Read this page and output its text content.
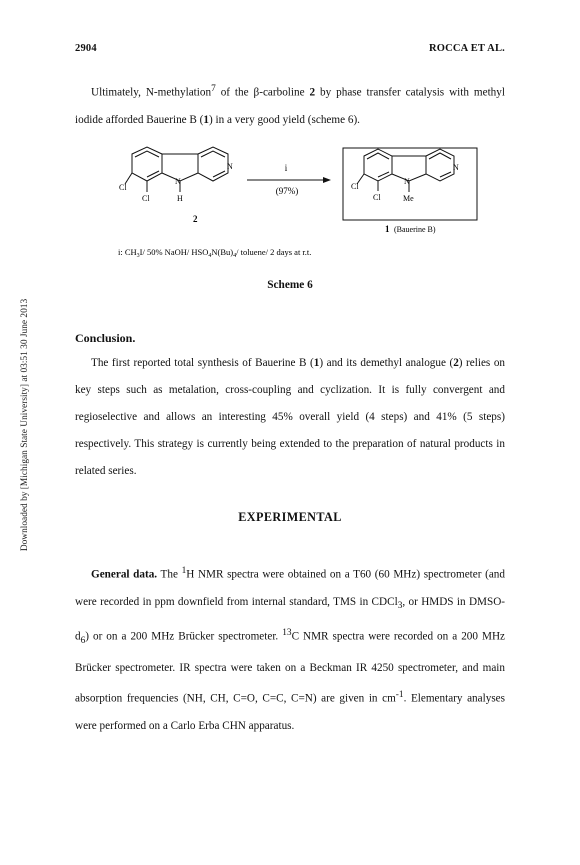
Downloaded by [Michigan State University] at 03:51 30 June 2013
2904	ROCCA ET AL.

Ultimately, N-methylation$^7$ of the β-carboline 2 by phase transfer catalysis with methyl iodide afforded Bauerine B (1) in a very good yield (scheme 6).

Cl
Cl
N
N
H
2
i
(97%)	Cl
Cl
N
N
Me
1 (Bauerine B)
i: $CH_3I/$ 50% NaOH/ $HSO_4N(Bu)_4/$ toluene/ 2 days at r.t.
Scheme 6
Conclusion.

The first reported total synthesis of Bauerine B (1) and its demethyl analogue (2) relies on key steps such as metalation, cross-coupling and cyclization. It is fully convergent and regioselective and allows an interesting 45% overall yield (4 steps) and 41% (5 steps) respectively. This strategy is currently being extended to the preparation of natural products in related series.

EXPERIMENTAL

General data. The $^1$H NMR spectra were obtained on a T60 (60 MHz) spectrometer (and were recorded in ppm downfield from internal standard, TMS in CDCl$_3$, or HMDS in DMSO-$d_6$) or on a 200 MHz Brücker spectrometer. $^{13}$C NMR spectra were recorded on a 200 MHz Brücker spectrometer. IR spectra were taken on a Beckman IR 4250 spectrometer, and main absorption frequencies (NH, CH, C=O, C=C, C=N) are given in $cm^{-1}$. Elementary analyses were performed on a Carlo Erba CHN apparatus.
